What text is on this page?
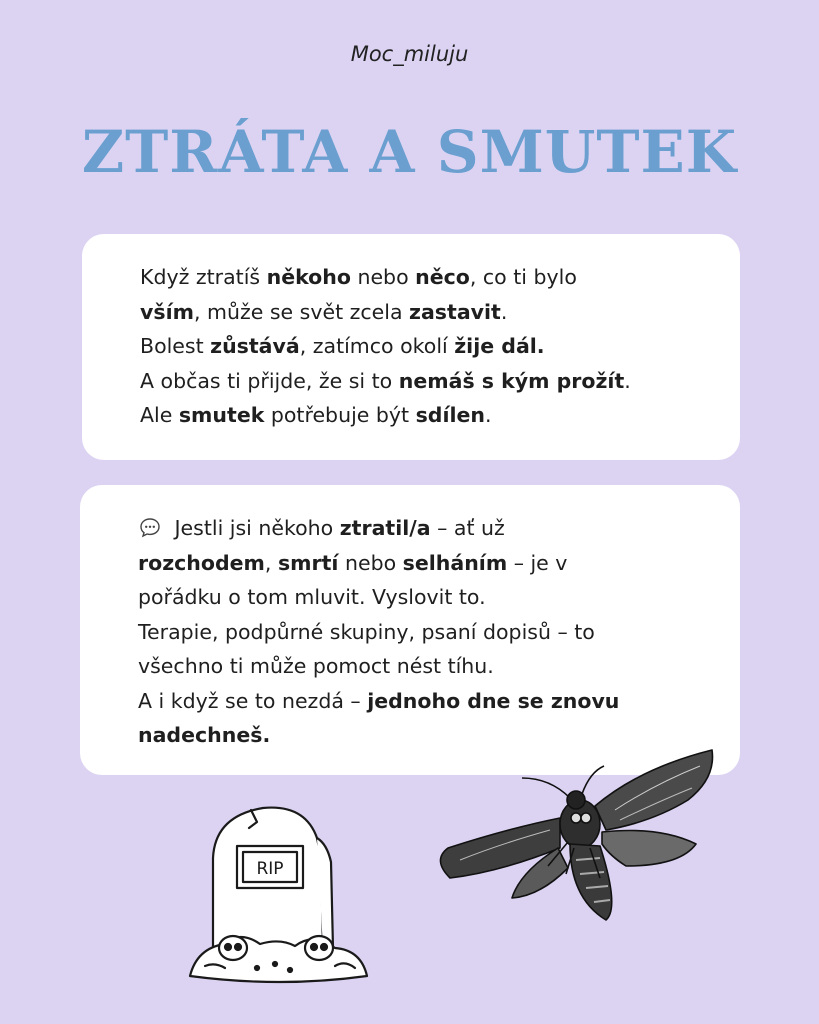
Moc_miluju
ZTRÁTA A SMUTEK

Když ztratíš někoho nebo něco, co ti bylo

vším, může se svět zcela zastavit.

Bolest zůstává, zatímco okolí žije dál.

A občas ti přijde, že si to nemáš s kým prožít.

Ale smutek potřebuje být sdílen.

Jestli jsi někoho ztratil/a – ať už

rozchodem, smrtí nebo selháním – je v

pořádku o tom mluvit. Vyslovit to.

Terapie, podpůrné skupiny, psaní dopisů – to

všechno ti může pomoct nést tíhu.

A i když se to nezdá – jednoho dne se znovu

nadechneš.

RIP
